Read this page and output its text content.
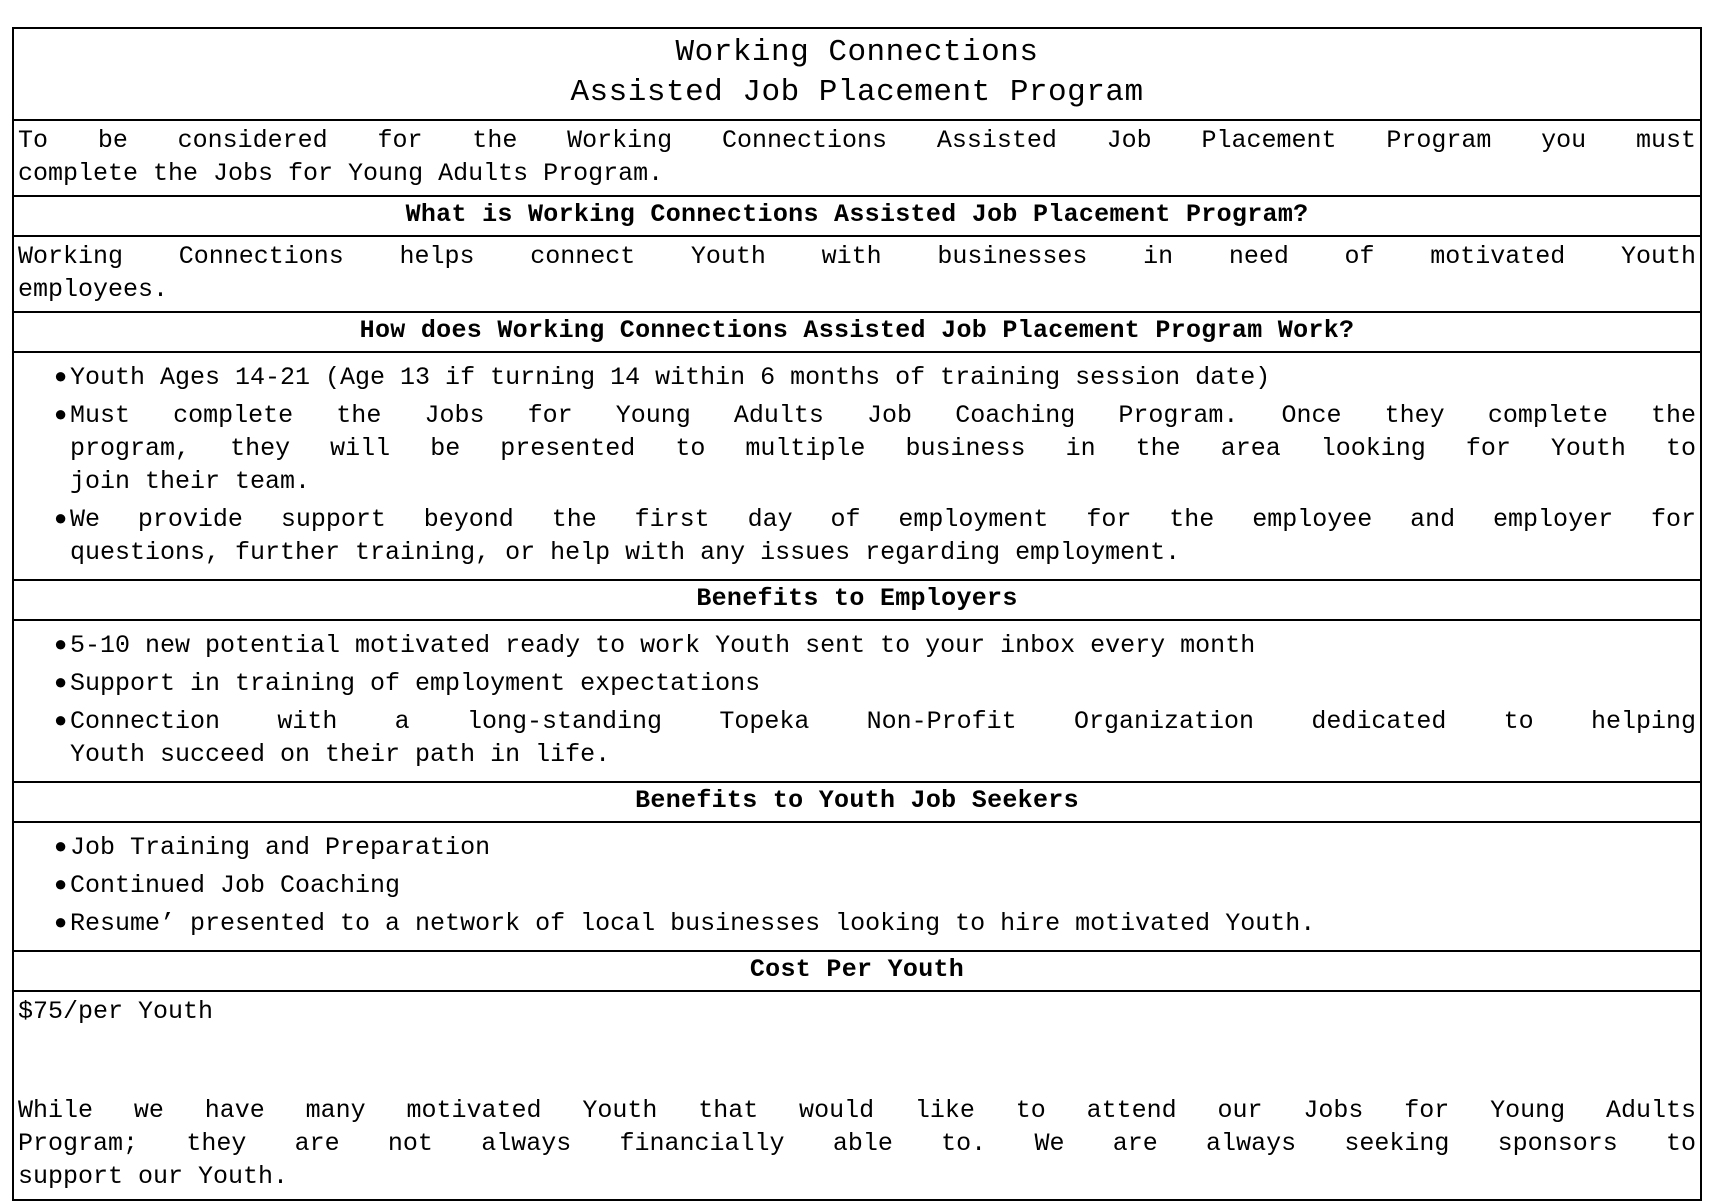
Working Connections
Assisted Job Placement Program
To be considered for the Working Connections Assisted Job Placement Program you must
complete the Jobs for Young Adults Program.
What is Working Connections Assisted Job Placement Program?
Working Connections helps connect Youth with businesses in need of motivated Youth
employees.
How does Working Connections Assisted Job Placement Program Work?
● Youth Ages 14-21 (Age 13 if turning 14 within 6 months of training session date)
● Must complete the Jobs for Young Adults Job Coaching Program. Once they complete the
program, they will be presented to multiple business in the area looking for Youth to
join their team.
● We provide support beyond the first day of employment for the employee and employer for
questions, further training, or help with any issues regarding employment.
Benefits to Employers
● 5-10 new potential motivated ready to work Youth sent to your inbox every month
● Support in training of employment expectations
● Connection with a long-standing Topeka Non-Profit Organization dedicated to helping
Youth succeed on their path in life.
Benefits to Youth Job Seekers
● Job Training and Preparation
● Continued Job Coaching
● Resume’ presented to a network of local businesses looking to hire motivated Youth.
Cost Per Youth
$75/per Youth
While we have many motivated Youth that would like to attend our Jobs for Young Adults
Program; they are not always financially able to. We are always seeking sponsors to
support our Youth.
